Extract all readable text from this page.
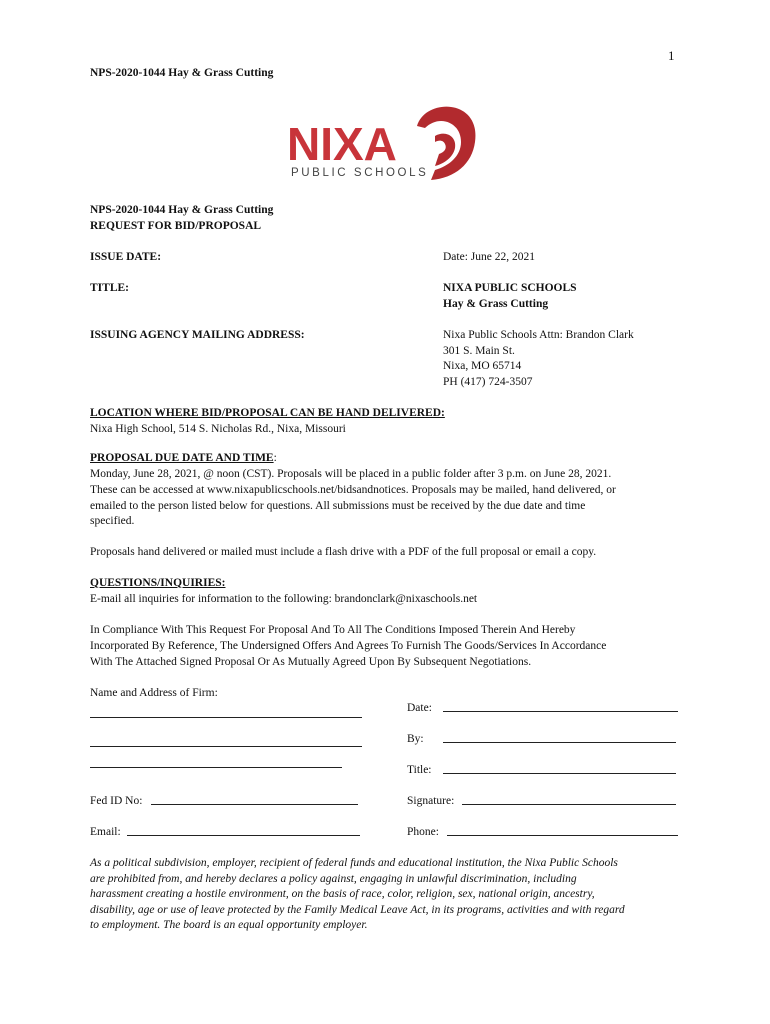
1
NPS-2020-1044 Hay & Grass Cutting
NIXA
PUBLIC SCHOOLS
NPS-2020-1044 Hay & Grass Cutting
REQUEST FOR BID/PROPOSAL
ISSUE DATE:	Date: June 22, 2021
TITLE:	NIXA PUBLIC SCHOOLS
Hay & Grass Cutting
ISSUING AGENCY MAILING ADDRESS:	Nixa Public Schools Attn: Brandon Clark
301 S. Main St.
Nixa, MO 65714
PH (417) 724-3507
LOCATION WHERE BID/PROPOSAL CAN BE HAND DELIVERED:
Nixa High School, 514 S. Nicholas Rd., Nixa, Missouri
PROPOSAL DUE DATE AND TIME:
Monday, June 28, 2021, @ noon (CST). Proposals will be placed in a public folder after 3 p.m. on June 28, 2021.
These can be accessed at www.nixapublicschools.net/bidsandnotices. Proposals may be mailed, hand delivered, or
emailed to the person listed below for questions. All submissions must be received by the due date and time
specified.
Proposals hand delivered or mailed must include a flash drive with a PDF of the full proposal or email a copy.
QUESTIONS/INQUIRIES:
E-mail all inquiries for information to the following: brandonclark@nixaschools.net
In Compliance With This Request For Proposal And To All The Conditions Imposed Therein And Hereby
Incorporated By Reference, The Undersigned Offers And Agrees To Furnish The Goods/Services In Accordance
With The Attached Signed Proposal Or As Mutually Agreed Upon By Subsequent Negotiations.
Name and Address of Firm:
Date:
By:
Title:
Fed ID No:	Signature:
Email:	Phone:
As a political subdivision, employer, recipient of federal funds and educational institution, the Nixa Public Schools
are prohibited from, and hereby declares a policy against, engaging in unlawful discrimination, including
harassment creating a hostile environment, on the basis of race, color, religion, sex, national origin, ancestry,
disability, age or use of leave protected by the Family Medical Leave Act, in its programs, activities and with regard
to employment. The board is an equal opportunity employer.
